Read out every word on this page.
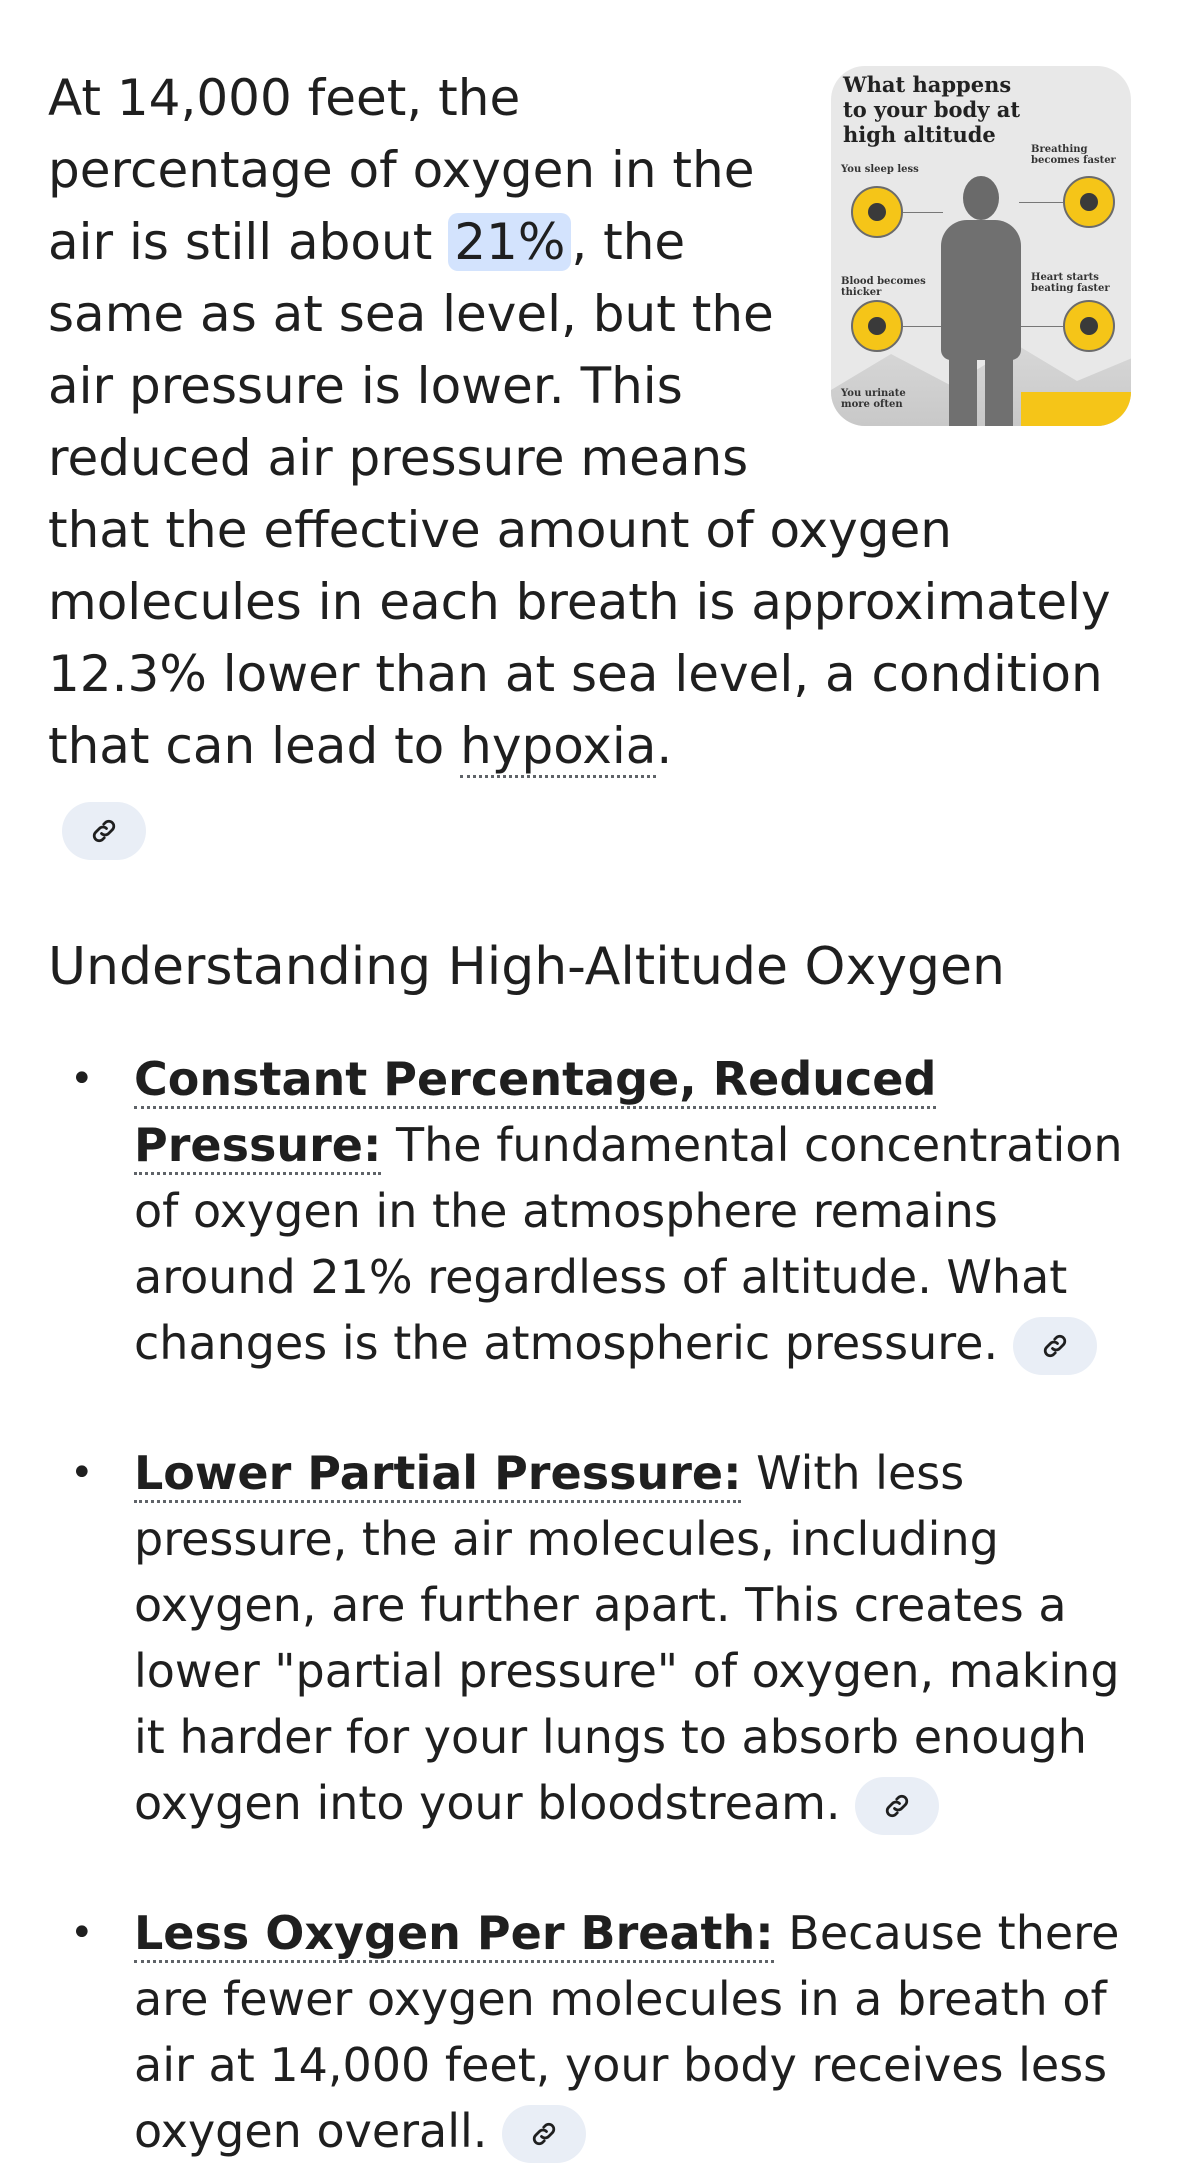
What happens to your body at high altitude
You sleep less
Breathing becomes faster
Blood becomes thicker
Heart starts beating faster
You urinate more often
At 14,000 feet, the percentage of oxygen in the air is still about 21% , the same as at sea level, but the air pressure is lower. This reduced air pressure means that the effective amount of oxygen molecules in each breath is approximately 12.3% lower than at sea level, a condition that can lead to hypoxia.

Understanding High-Altitude Oxygen
• Constant Percentage, Reduced Pressure: The fundamental concentration of oxygen in the atmosphere remains around 21% regardless of altitude. What changes is the atmospheric pressure.
• Lower Partial Pressure: With less pressure, the air molecules, including oxygen, are further apart. This creates a lower "partial pressure" of oxygen, making it harder for your lungs to absorb enough oxygen into your bloodstream.
• Less Oxygen Per Breath: Because there are fewer oxygen molecules in a breath of air at 14,000 feet, your body receives less oxygen overall.
